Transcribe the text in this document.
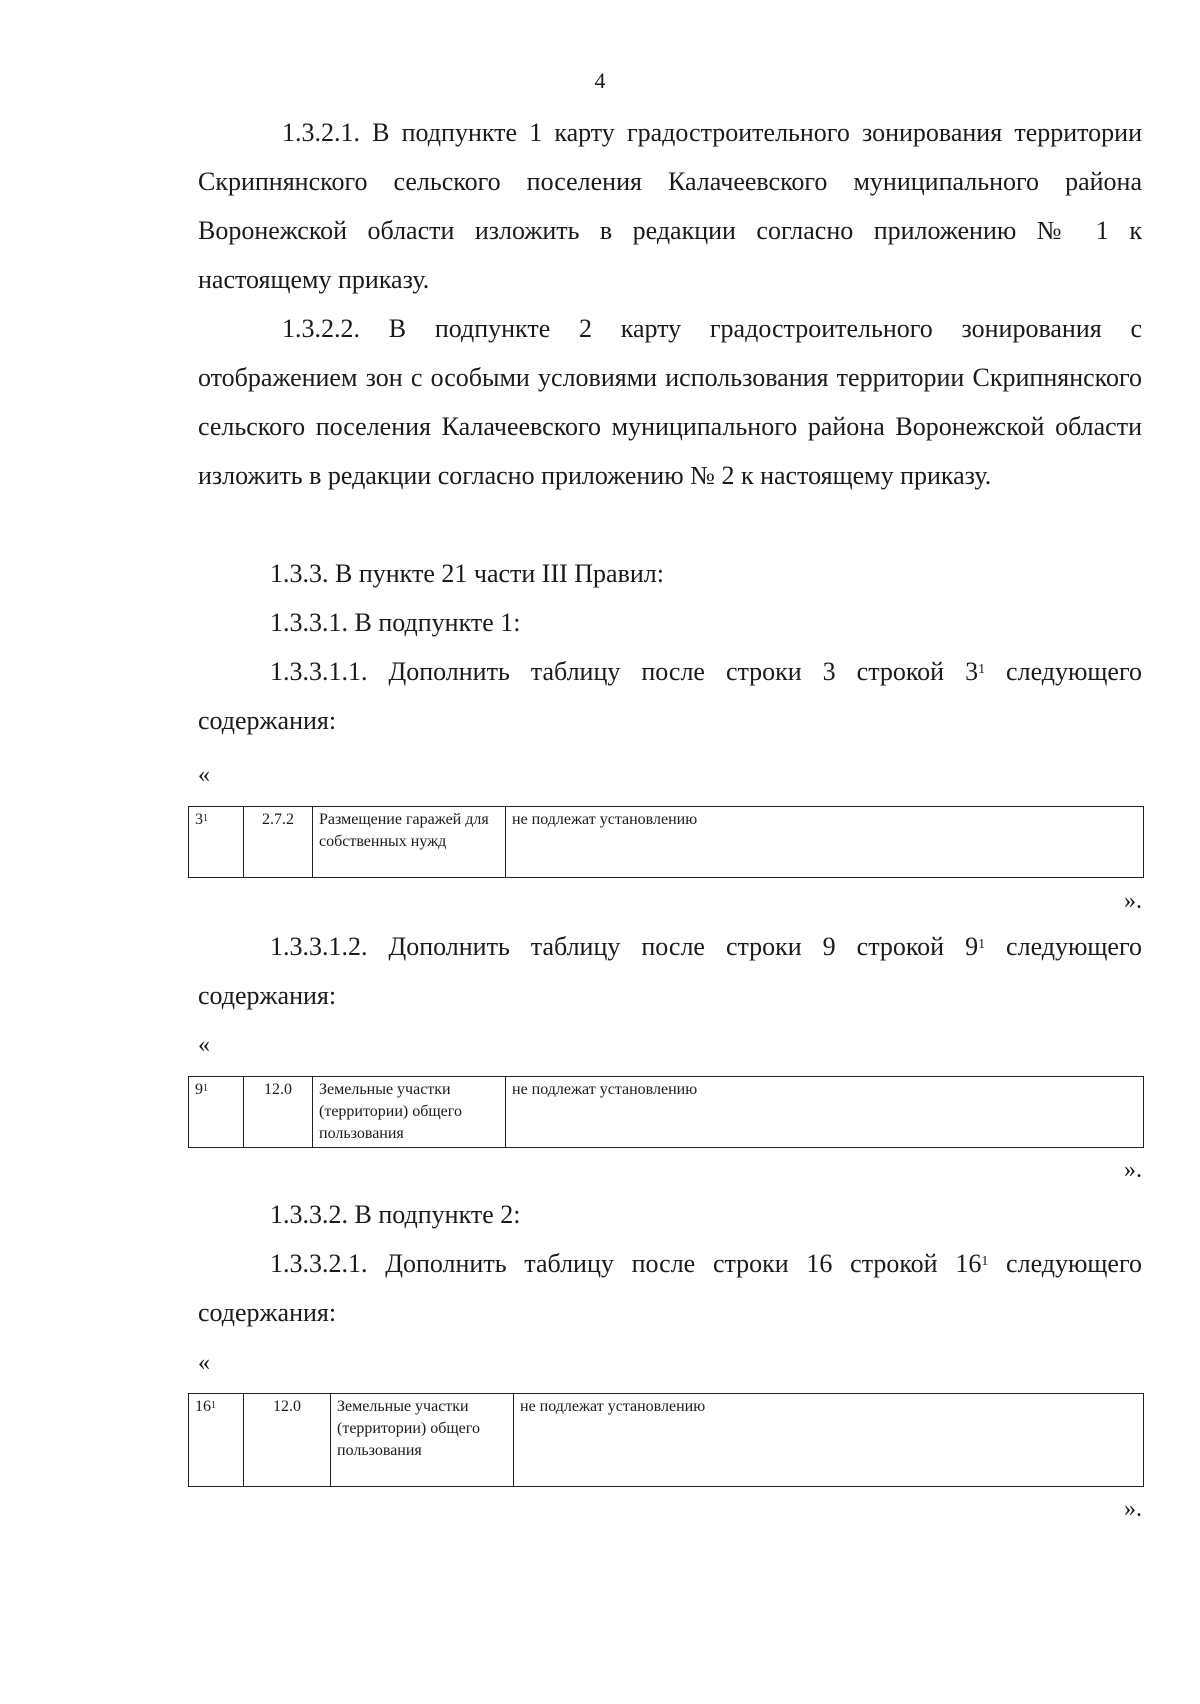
4

1.3.2.1. В подпункте 1 карту градостроительного зонирования территории Скрипнянского сельского поселения Калачеевского муниципального района Воронежской области изложить в редакции согласно приложению № 1 к настоящему приказу.

1.3.2.2. В подпункте 2 карту градостроительного зонирования с отображением зон с особыми условиями использования территории Скрипнянского сельского поселения Калачеевского муниципального района Воронежской области изложить в редакции согласно приложению № 2 к настоящему приказу.

1.3.3. В пункте 21 части III Правил:

1.3.3.1. В подпункте 1:

1.3.3.1.1. Дополнить таблицу после строки 3 строкой $3^1$ следующего содержания:

«
$3^1$	2.7.2	Размещение гаражей для собственных нужд	не подлежат установлению
».

1.3.3.1.2. Дополнить таблицу после строки 9 строкой $9^1$ следующего содержания:

«
$9^1$	12.0	Земельные участки (территории) общего пользования	не подлежат установлению
».

1.3.3.2. В подпункте 2:

1.3.3.2.1. Дополнить таблицу после строки 16 строкой $16^1$ следующего содержания:

«
$16^1$	12.0	Земельные участки (территории) общего пользования	не подлежат установлению
».
